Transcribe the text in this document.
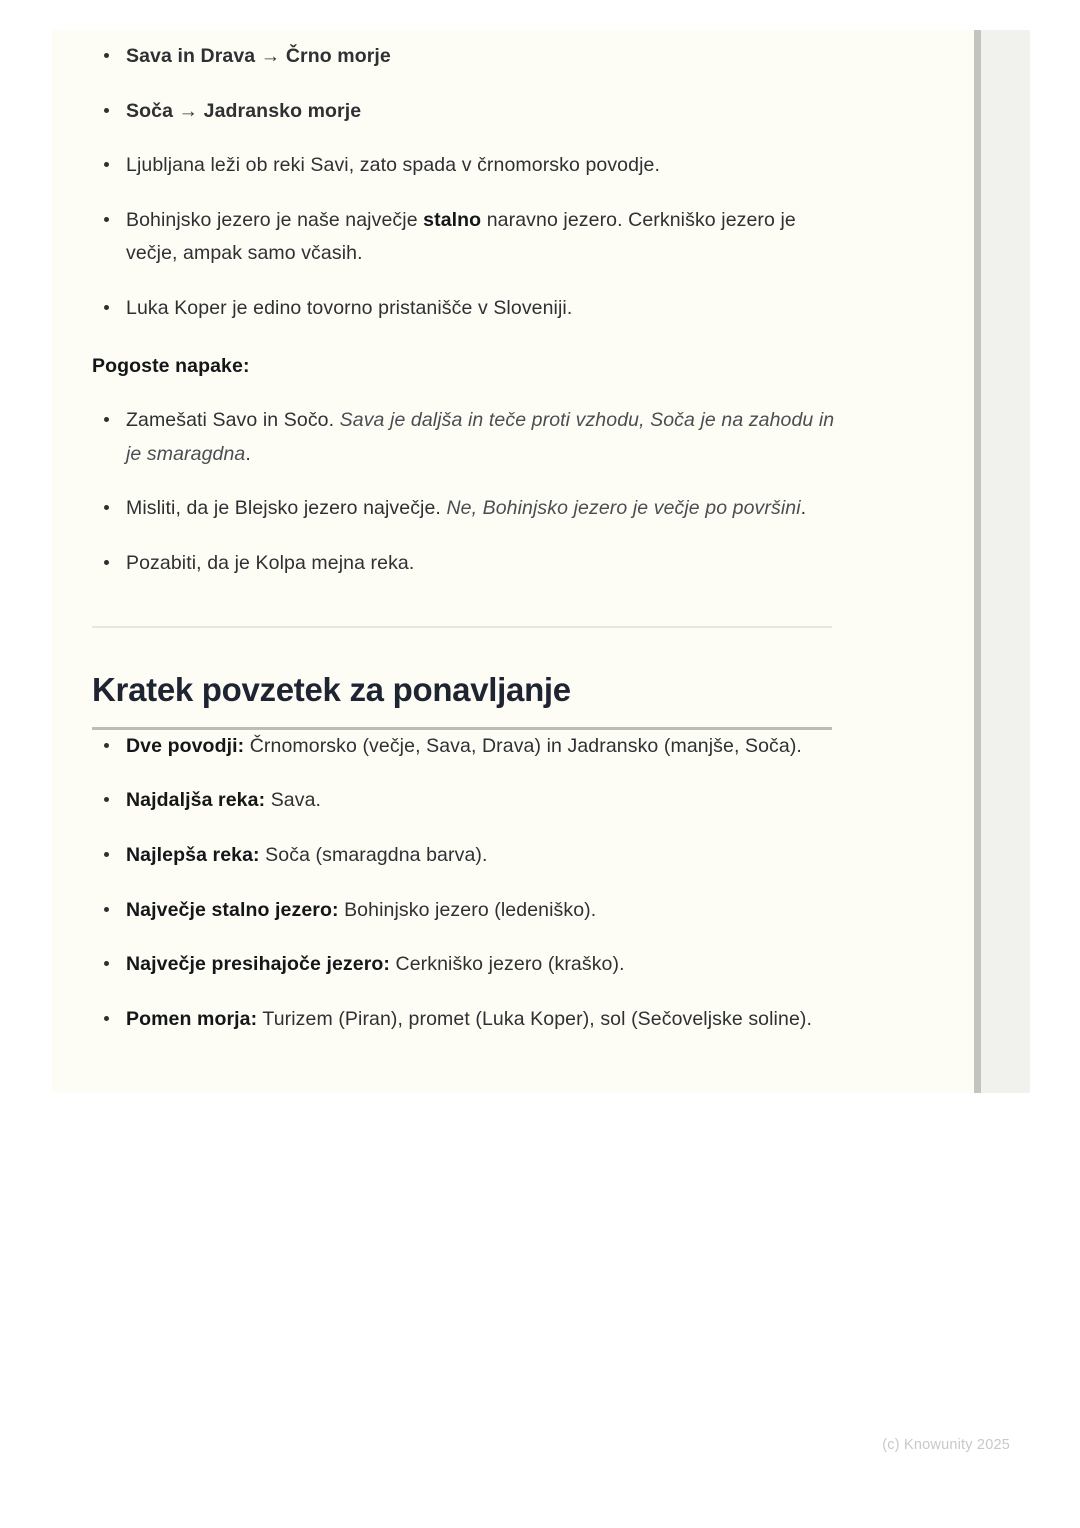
Sava in Drava → Črno morje
Soča → Jadransko morje
Ljubljana leži ob reki Savi, zato spada v črnomorsko povodje.
Bohinjsko jezero je naše največje stalno naravno jezero. Cerkniško jezero je večje, ampak samo včasih.
Luka Koper je edino tovorno pristanišče v Sloveniji.
Pogoste napake:
Zamešati Savo in Sočo. Sava je daljša in teče proti vzhodu, Soča je na zahodu in je smaragdna.
Misliti, da je Blejsko jezero največje. Ne, Bohinjsko jezero je večje po površini.
Pozabiti, da je Kolpa mejna reka.
Kratek povzetek za ponavljanje
Dve povodji: Črnomorsko (večje, Sava, Drava) in Jadransko (manjše, Soča).
Najdaljša reka: Sava.
Najlepša reka: Soča (smaragdna barva).
Največje stalno jezero: Bohinjsko jezero (ledeniško).
Največje presihajoče jezero: Cerkniško jezero (kraško).
Pomen morja: Turizem (Piran), promet (Luka Koper), sol (Sečoveljske soline).
(c) Knowunity 2025
